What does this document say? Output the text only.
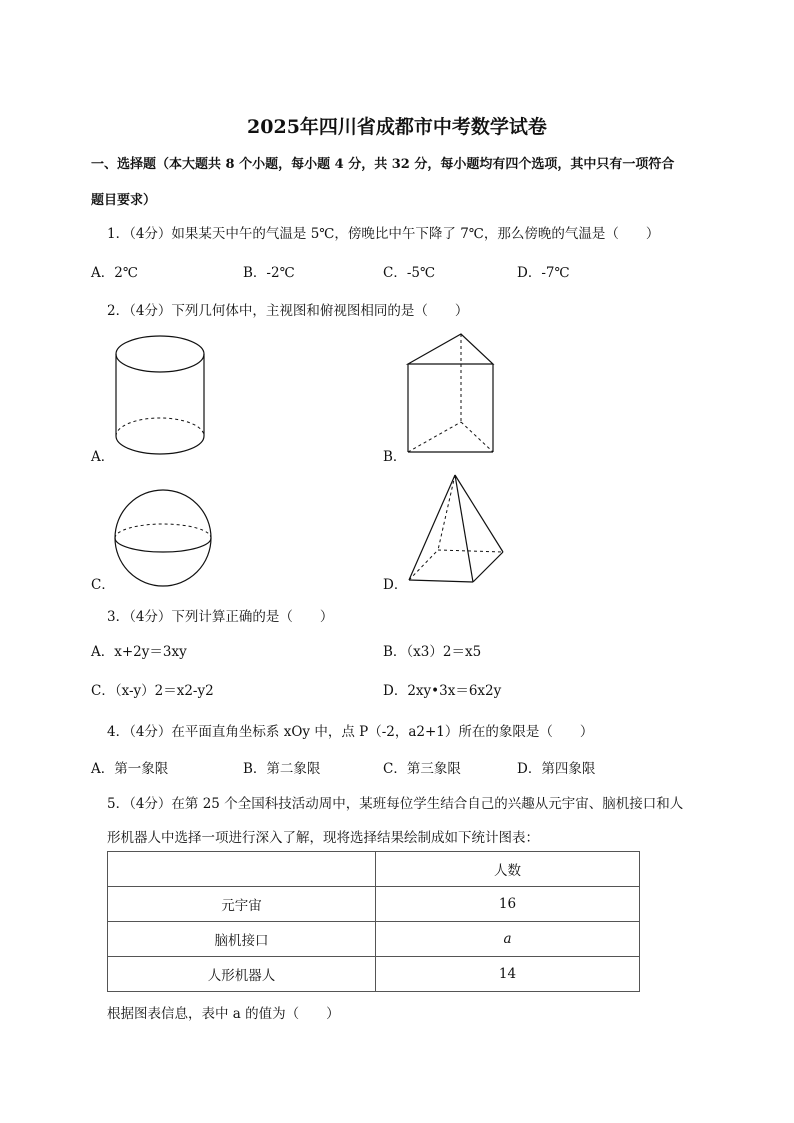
2025年四川省成都市中考数学试卷
一、选择题（本大题共 8 个小题，每小题 4 分，共 32 分，每小题均有四个选项，其中只有一项符合
题目要求）
1．（4分）如果某天中午的气温是 5℃，傍晚比中午下降了 7℃，那么傍晚的气温是（　　）
A．2℃	B．-2℃	C．-5℃	D．-7℃
2．（4分）下列几何体中，主视图和俯视图相同的是（　　）
A．	B．
C．	D．
3．（4分）下列计算正确的是（　　）
A．x+2y＝3xy	B．（x3）2＝x5
C．（x-y）2＝x2-y2	D．2xy•3x＝6x2y
4．（4分）在平面直角坐标系 xOy 中，点 P（-2，a2+1）所在的象限是（　　）
A．第一象限	B．第二象限	C．第三象限	D．第四象限
5．（4分）在第 25 个全国科技活动周中，某班每位学生结合自己的兴趣从元宇宙、脑机接口和人
形机器人中选择一项进行深入了解，现将选择结果绘制成如下统计图表：
	人数
元宇宙	16
脑机接口	a
人形机器人	14
根据图表信息，表中 a 的值为（　　）
